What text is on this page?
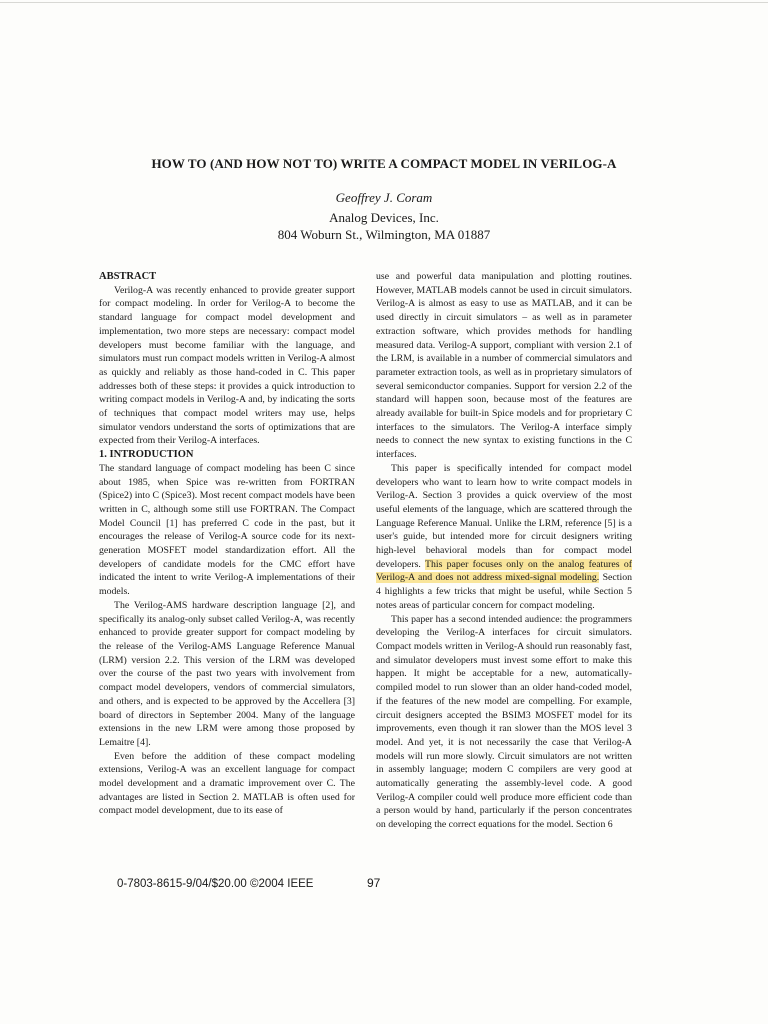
HOW TO (AND HOW NOT TO) WRITE A COMPACT MODEL IN VERILOG-A
Geoffrey J. Coram
Analog Devices, Inc.
804 Woburn St., Wilmington, MA 01887

ABSTRACT

Verilog-A was recently enhanced to provide greater support for compact modeling. In order for Verilog-A to become the standard language for compact model development and implementation, two more steps are necessary: compact model developers must become familiar with the language, and simulators must run compact models written in Verilog-A almost as quickly and reliably as those hand-coded in C. This paper addresses both of these steps: it provides a quick introduction to writing compact models in Verilog-A and, by indicating the sorts of techniques that compact model writers may use, helps simulator vendors understand the sorts of optimizations that are expected from their Verilog-A interfaces.

1. INTRODUCTION

The standard language of compact modeling has been C since about 1985, when Spice was re-written from FORTRAN (Spice2) into C (Spice3). Most recent compact models have been written in C, although some still use FORTRAN. The Compact Model Council [1] has preferred C code in the past, but it encourages the release of Verilog-A source code for its next-generation MOSFET model standardization effort. All the developers of candidate models for the CMC effort have indicated the intent to write Verilog-A implementations of their models.

The Verilog-AMS hardware description language [2], and specifically its analog-only subset called Verilog-A, was recently enhanced to provide greater support for compact modeling by the release of the Verilog-AMS Language Reference Manual (LRM) version 2.2. This version of the LRM was developed over the course of the past two years with involvement from compact model developers, vendors of commercial simulators, and others, and is expected to be approved by the Accellera [3] board of directors in September 2004. Many of the language extensions in the new LRM were among those proposed by Lemaitre [4].

Even before the addition of these compact modeling extensions, Verilog-A was an excellent language for compact model development and a dramatic improvement over C. The advantages are listed in Section 2. MATLAB is often used for compact model development, due to its ease of

use and powerful data manipulation and plotting routines. However, MATLAB models cannot be used in circuit simulators. Verilog-A is almost as easy to use as MATLAB, and it can be used directly in circuit simulators – as well as in parameter extraction software, which provides methods for handling measured data. Verilog-A support, compliant with version 2.1 of the LRM, is available in a number of commercial simulators and parameter extraction tools, as well as in proprietary simulators of several semiconductor companies. Support for version 2.2 of the standard will happen soon, because most of the features are already available for built-in Spice models and for proprietary C interfaces to the simulators. The Verilog-A interface simply needs to connect the new syntax to existing functions in the C interfaces.

This paper is specifically intended for compact model developers who want to learn how to write compact models in Verilog-A. Section 3 provides a quick overview of the most useful elements of the language, which are scattered through the Language Reference Manual. Unlike the LRM, reference [5] is a user's guide, but intended more for circuit designers writing high-level behavioral models than for compact model developers. This paper focuses only on the analog features of Verilog-A and does not address mixed-signal modeling. Section 4 highlights a few tricks that might be useful, while Section 5 notes areas of particular concern for compact modeling.

This paper has a second intended audience: the programmers developing the Verilog-A interfaces for circuit simulators. Compact models written in Verilog-A should run reasonably fast, and simulator developers must invest some effort to make this happen. It might be acceptable for a new, automatically-compiled model to run slower than an older hand-coded model, if the features of the new model are compelling. For example, circuit designers accepted the BSIM3 MOSFET model for its improvements, even though it ran slower than the MOS level 3 model. And yet, it is not necessarily the case that Verilog-A models will run more slowly. Circuit simulators are not written in assembly language; modern C compilers are very good at automatically generating the assembly-level code. A good Verilog-A compiler could well produce more efficient code than a person would by hand, particularly if the person concentrates on developing the correct equations for the model. Section 6

0-7803-8615-9/04/$20.00 ©2004 IEEE	97
